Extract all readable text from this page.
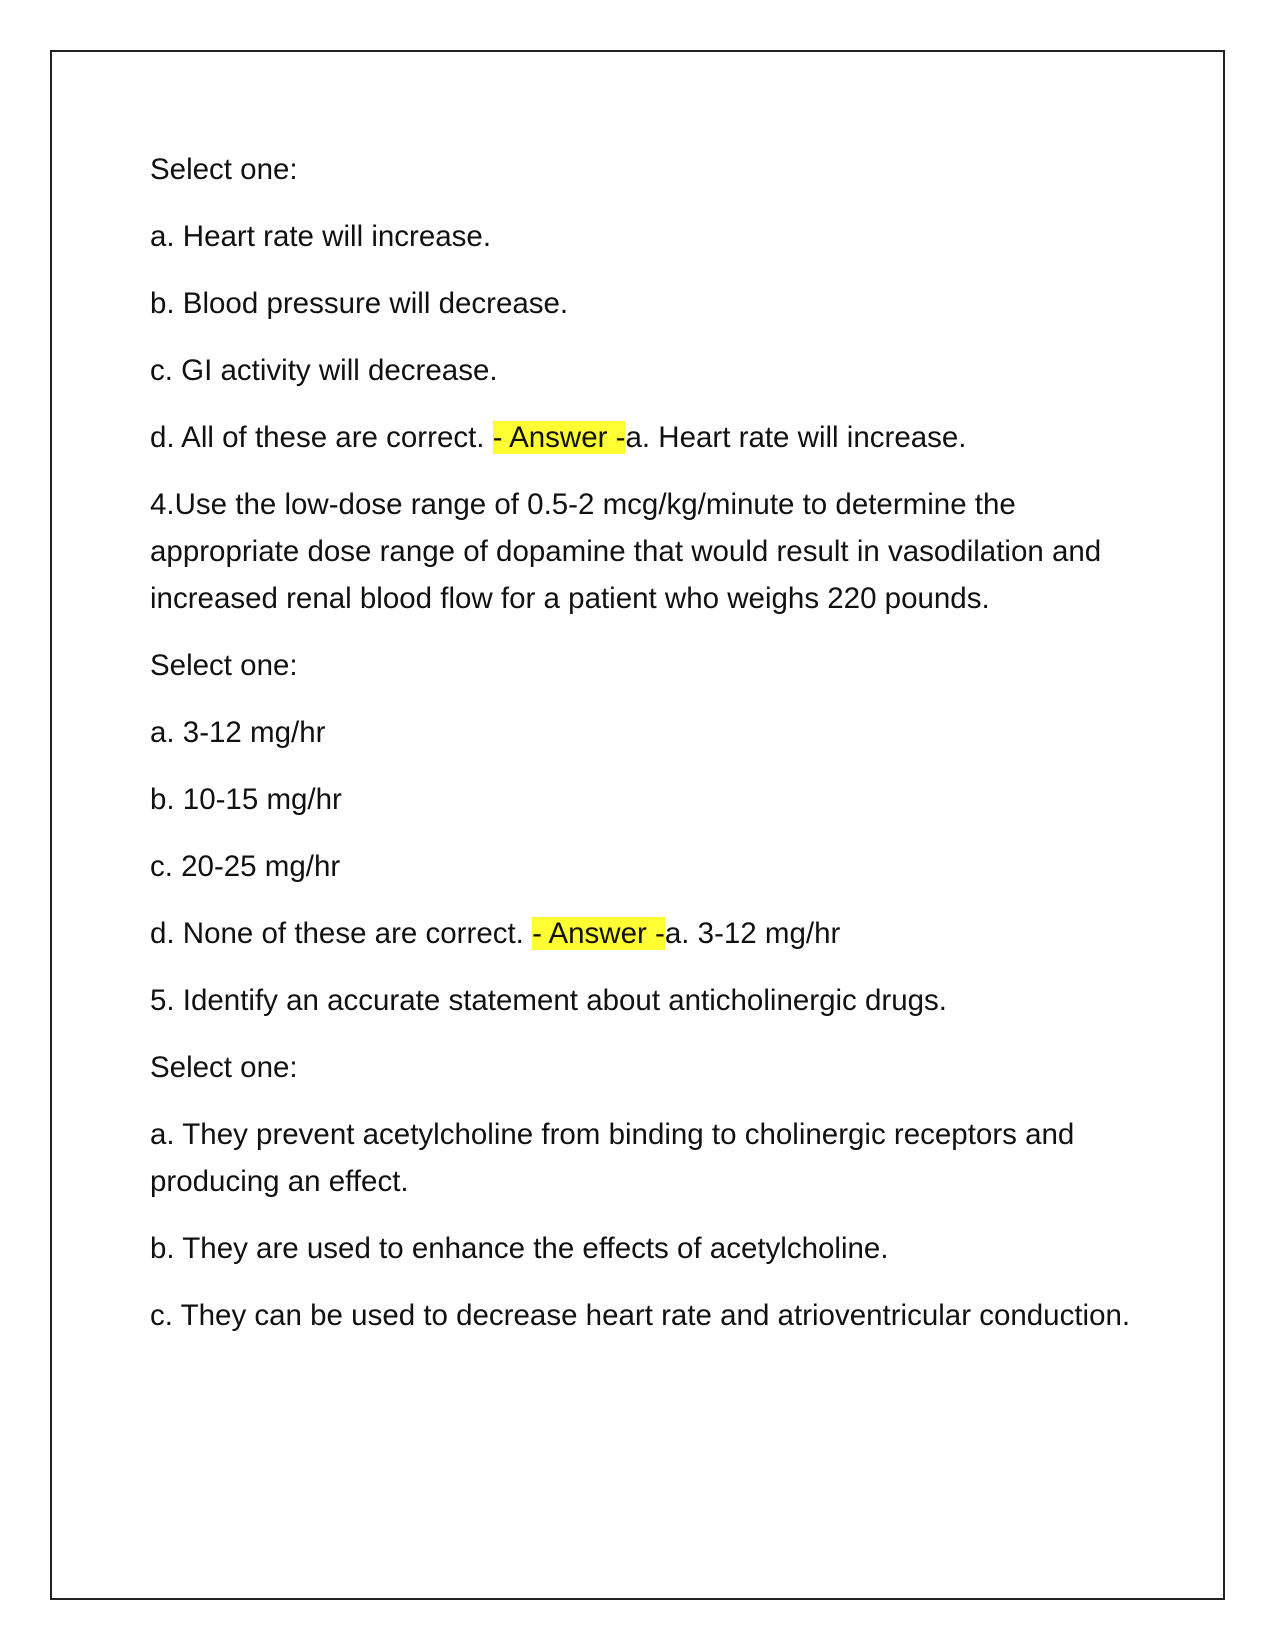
Select one:

a. Heart rate will increase.

b. Blood pressure will decrease.

c. GI activity will decrease.

d. All of these are correct. - Answer -a. Heart rate will increase.

4.Use the low-dose range of 0.5-2 mcg/kg/minute to determine the appropriate dose range of dopamine that would result in vasodilation and increased renal blood flow for a patient who weighs 220 pounds.

Select one:

a. 3-12 mg/hr

b. 10-15 mg/hr

c. 20-25 mg/hr

d. None of these are correct. - Answer -a. 3-12 mg/hr

5. Identify an accurate statement about anticholinergic drugs.

Select one:

a. They prevent acetylcholine from binding to cholinergic receptors and producing an effect.

b. They are used to enhance the effects of acetylcholine.

c. They can be used to decrease heart rate and atrioventricular conduction.
